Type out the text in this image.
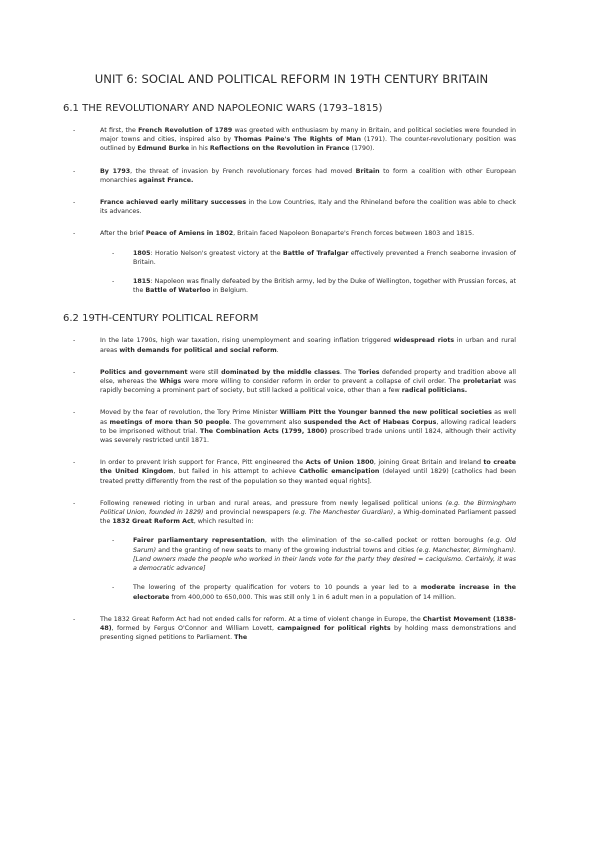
UNIT 6: SOCIAL AND POLITICAL REFORM IN 19TH CENTURY BRITAIN
6.1 THE REVOLUTIONARY AND NAPOLEONIC WARS (1793–1815)
- At first, the French Revolution of 1789 was greeted with enthusiasm by many in Britain, and political societies were founded in major towns and cities, inspired also by Thomas Paine's The Rights of Man (1791). The counter-revolutionary position was outlined by Edmund Burke in his Reflections on the Revolution in France (1790).
- By 1793, the threat of invasion by French revolutionary forces had moved Britain to form a coalition with other European monarchies against France.
- France achieved early military successes in the Low Countries, Italy and the Rhineland before the coalition was able to check its advances.
- After the brief Peace of Amiens in 1802, Britain faced Napoleon Bonaparte's French forces between 1803 and 1815.
- 1805: Horatio Nelson's greatest victory at the Battle of Trafalgar effectively prevented a French seaborne invasion of Britain.
- 1815: Napoleon was finally defeated by the British army, led by the Duke of Wellington, together with Prussian forces, at the Battle of Waterloo in Belgium.
6.2 19TH-CENTURY POLITICAL REFORM
- In the late 1790s, high war taxation, rising unemployment and soaring inflation triggered widespread riots in urban and rural areas with demands for political and social reform.
- Politics and government were still dominated by the middle classes. The Tories defended property and tradition above all else, whereas the Whigs were more willing to consider reform in order to prevent a collapse of civil order. The proletariat was rapidly becoming a prominent part of society, but still lacked a political voice, other than a few radical politicians.
- Moved by the fear of revolution, the Tory Prime Minister William Pitt the Younger banned the new political societies as well as meetings of more than 50 people. The government also suspended the Act of Habeas Corpus, allowing radical leaders to be imprisoned without trial. The Combination Acts (1799, 1800) proscribed trade unions until 1824, although their activity was severely restricted until 1871.
- In order to prevent Irish support for France, Pitt engineered the Acts of Union 1800, joining Great Britain and Ireland to create the United Kingdom, but failed in his attempt to achieve Catholic emancipation (delayed until 1829) [catholics had been treated pretty differently from the rest of the population so they wanted equal rights].
- Following renewed rioting in urban and rural areas, and pressure from newly legalised political unions (e.g. the Birmingham Political Union, founded in 1829) and provincial newspapers (e.g. The Manchester Guardian), a Whig-dominated Parliament passed the 1832 Great Reform Act, which resulted in:
- Fairer parliamentary representation, with the elimination of the so-called pocket or rotten boroughs (e.g. Old Sarum) and the granting of new seats to many of the growing industrial towns and cities (e.g. Manchester, Birmingham). [Land owners made the people who worked in their lands vote for the party they desired = caciquismo. Certainly, it was a democratic advance]
- The lowering of the property qualification for voters to 10 pounds a year led to a moderate increase in the electorate from 400,000 to 650,000. This was still only 1 in 6 adult men in a population of 14 million.
- The 1832 Great Reform Act had not ended calls for reform. At a time of violent change in Europe, the Chartist Movement (1838-48), formed by Fergus O'Connor and William Lovett, campaigned for political rights by holding mass demonstrations and presenting signed petitions to Parliament. The
